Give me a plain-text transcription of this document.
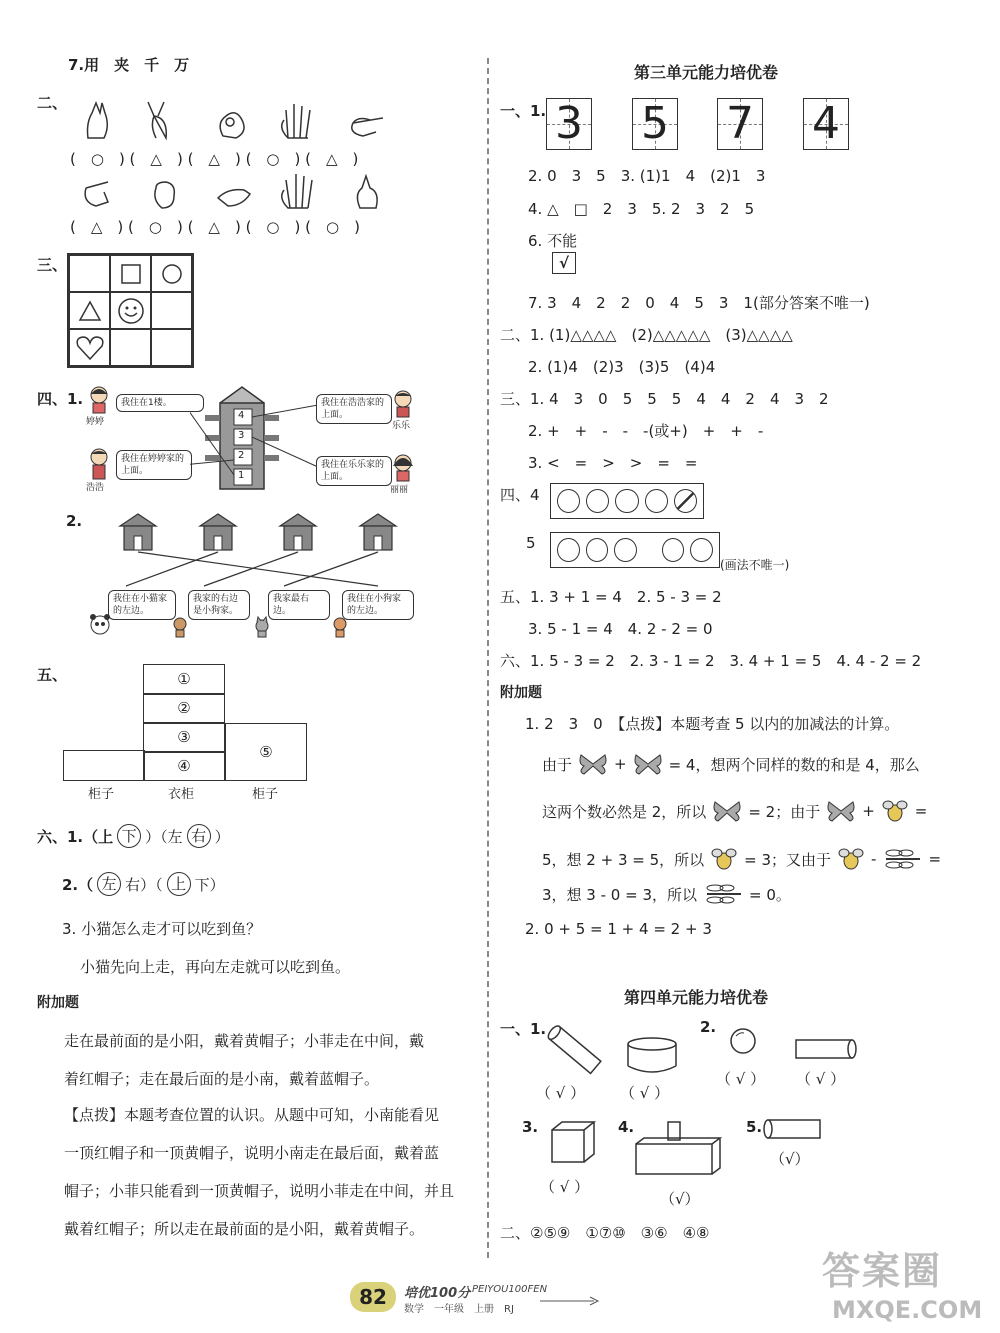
7.用　夹　千　万
二、
(　○　) (　△　) (　△　) (　○　) (　△　)
(　△　) (　○　) (　△　) (　○　) (　○　)
三、
四、1.
婷婷
我住在1楼。
浩浩
我住在婷婷家的上面。
4
3
2
1
我住在浩浩家的上面。
乐乐
我住在乐乐家的上面。
丽丽
2.
我住在小猫家的左边。
我家的右边是小狗家。
我家最右边。
我住在小狗家的左边。
五、	①
②
③
④
⑤
柜子	衣柜	柜子
六、1.（上 下 ）（左 右 ）
2.（ 左 右）（ 上 下）
3. 小猫怎么走才可以吃到鱼？
小猫先向上走，再向左走就可以吃到鱼。
附加题
走在最前面的是小阳，戴着黄帽子；小菲走在中间，戴
着红帽子；走在最后面的是小南，戴着蓝帽子。
【点拨】本题考查位置的认识。从题中可知，小南能看见
一顶红帽子和一顶黄帽子，说明小南走在最后面，戴着蓝
帽子；小菲只能看到一顶黄帽子，说明小菲走在中间，并且
戴着红帽子；所以走在最前面的是小阳，戴着黄帽子。
第三单元能力培优卷
一、1. 3 5 7 4
2. 0　3　5　3. (1)1　4　(2)1　3
4. △　□　2　3　5. 2　3　2　5
6. 不能
√
7. 3　4　2　2　0　4　5　3　1(部分答案不唯一)
二、1. (1)△△△△　(2)△△△△△　(3)△△△△
2. (1)4　(2)3　(3)5　(4)4
三、1. 4　3　0　5　5　5　4　4　2　4　3　2
2. +　+　-　-　-(或+)　+　+　-
3. <　=　>　>　=　=
四、4
5
(画法不唯一)
五、1. 3 + 1 = 4　2. 5 - 3 = 2
3. 5 - 1 = 4　4. 2 - 2 = 0
六、1. 5 - 3 = 2　2. 3 - 1 = 2　3. 4 + 1 = 5　4. 4 - 2 = 2
附加题
1. 2　3　0　【点拨】本题考查 5 以内的加减法的计算。
由于	+	= 4，想两个同样的数的和是 4，那么
这两个数必然是 2，所以	= 2；由于	+	=
5，想 2 + 3 = 5，所以	= 3；又由于	-	=
3，想 3 - 0 = 3，所以	= 0。
2. 0 + 5 = 1 + 4 = 2 + 3
第四单元能力培优卷
一、1.
（ √ ） （ √ ）
2.
（ √ ） （ √ ）
3.
（ √ ）
4.
（√）
5.
（√）
二、②⑤⑨　①⑦⑩　③⑥　④⑧
82	培优100分 PEIYOU100FEN
数学　一年级　上册　RJ
答案圈
MXQE.COM
